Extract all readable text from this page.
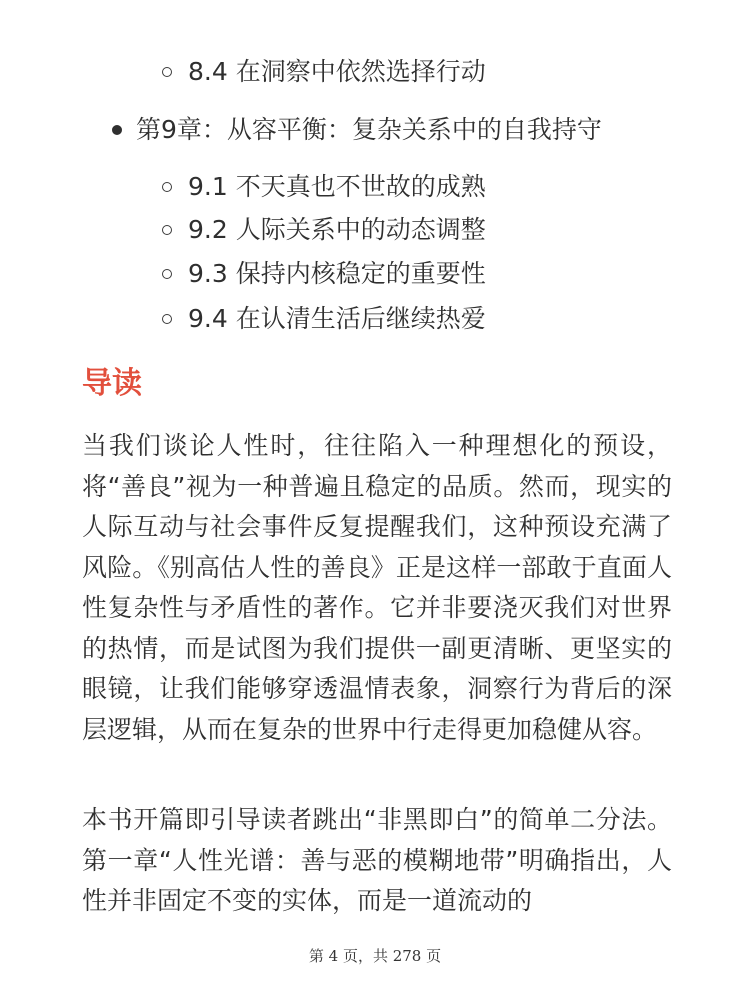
8.4 在洞察中依然选择行动
第9章：从容平衡：复杂关系中的自我持守
9.1 不天真也不世故的成熟
9.2 人际关系中的动态调整
9.3 保持内核稳定的重要性
9.4 在认清生活后继续热爱
导读

当我们谈论人性时，往往陷入一种理想化的预设，将“善良”视为一种普遍且稳定的品质。然而，现实的人际互动与社会事件反复提醒我们，这种预设充满了风险。《别高估人性的善良》正是这样一部敢于直面人性复杂性与矛盾性的著作。它并非要浇灭我们对世界的热情，而是试图为我们提供一副更清晰、更坚实的眼镜，让我们能够穿透温情表象，洞察行为背后的深层逻辑，从而在复杂的世界中行走得更加稳健从容。

本书开篇即引导读者跳出“非黑即白”的简单二分法。第一章“人性光谱：善与恶的模糊地带”明确指出，人性并非固定不变的实体，而是一道流动的

第 4 页，共 278 页
